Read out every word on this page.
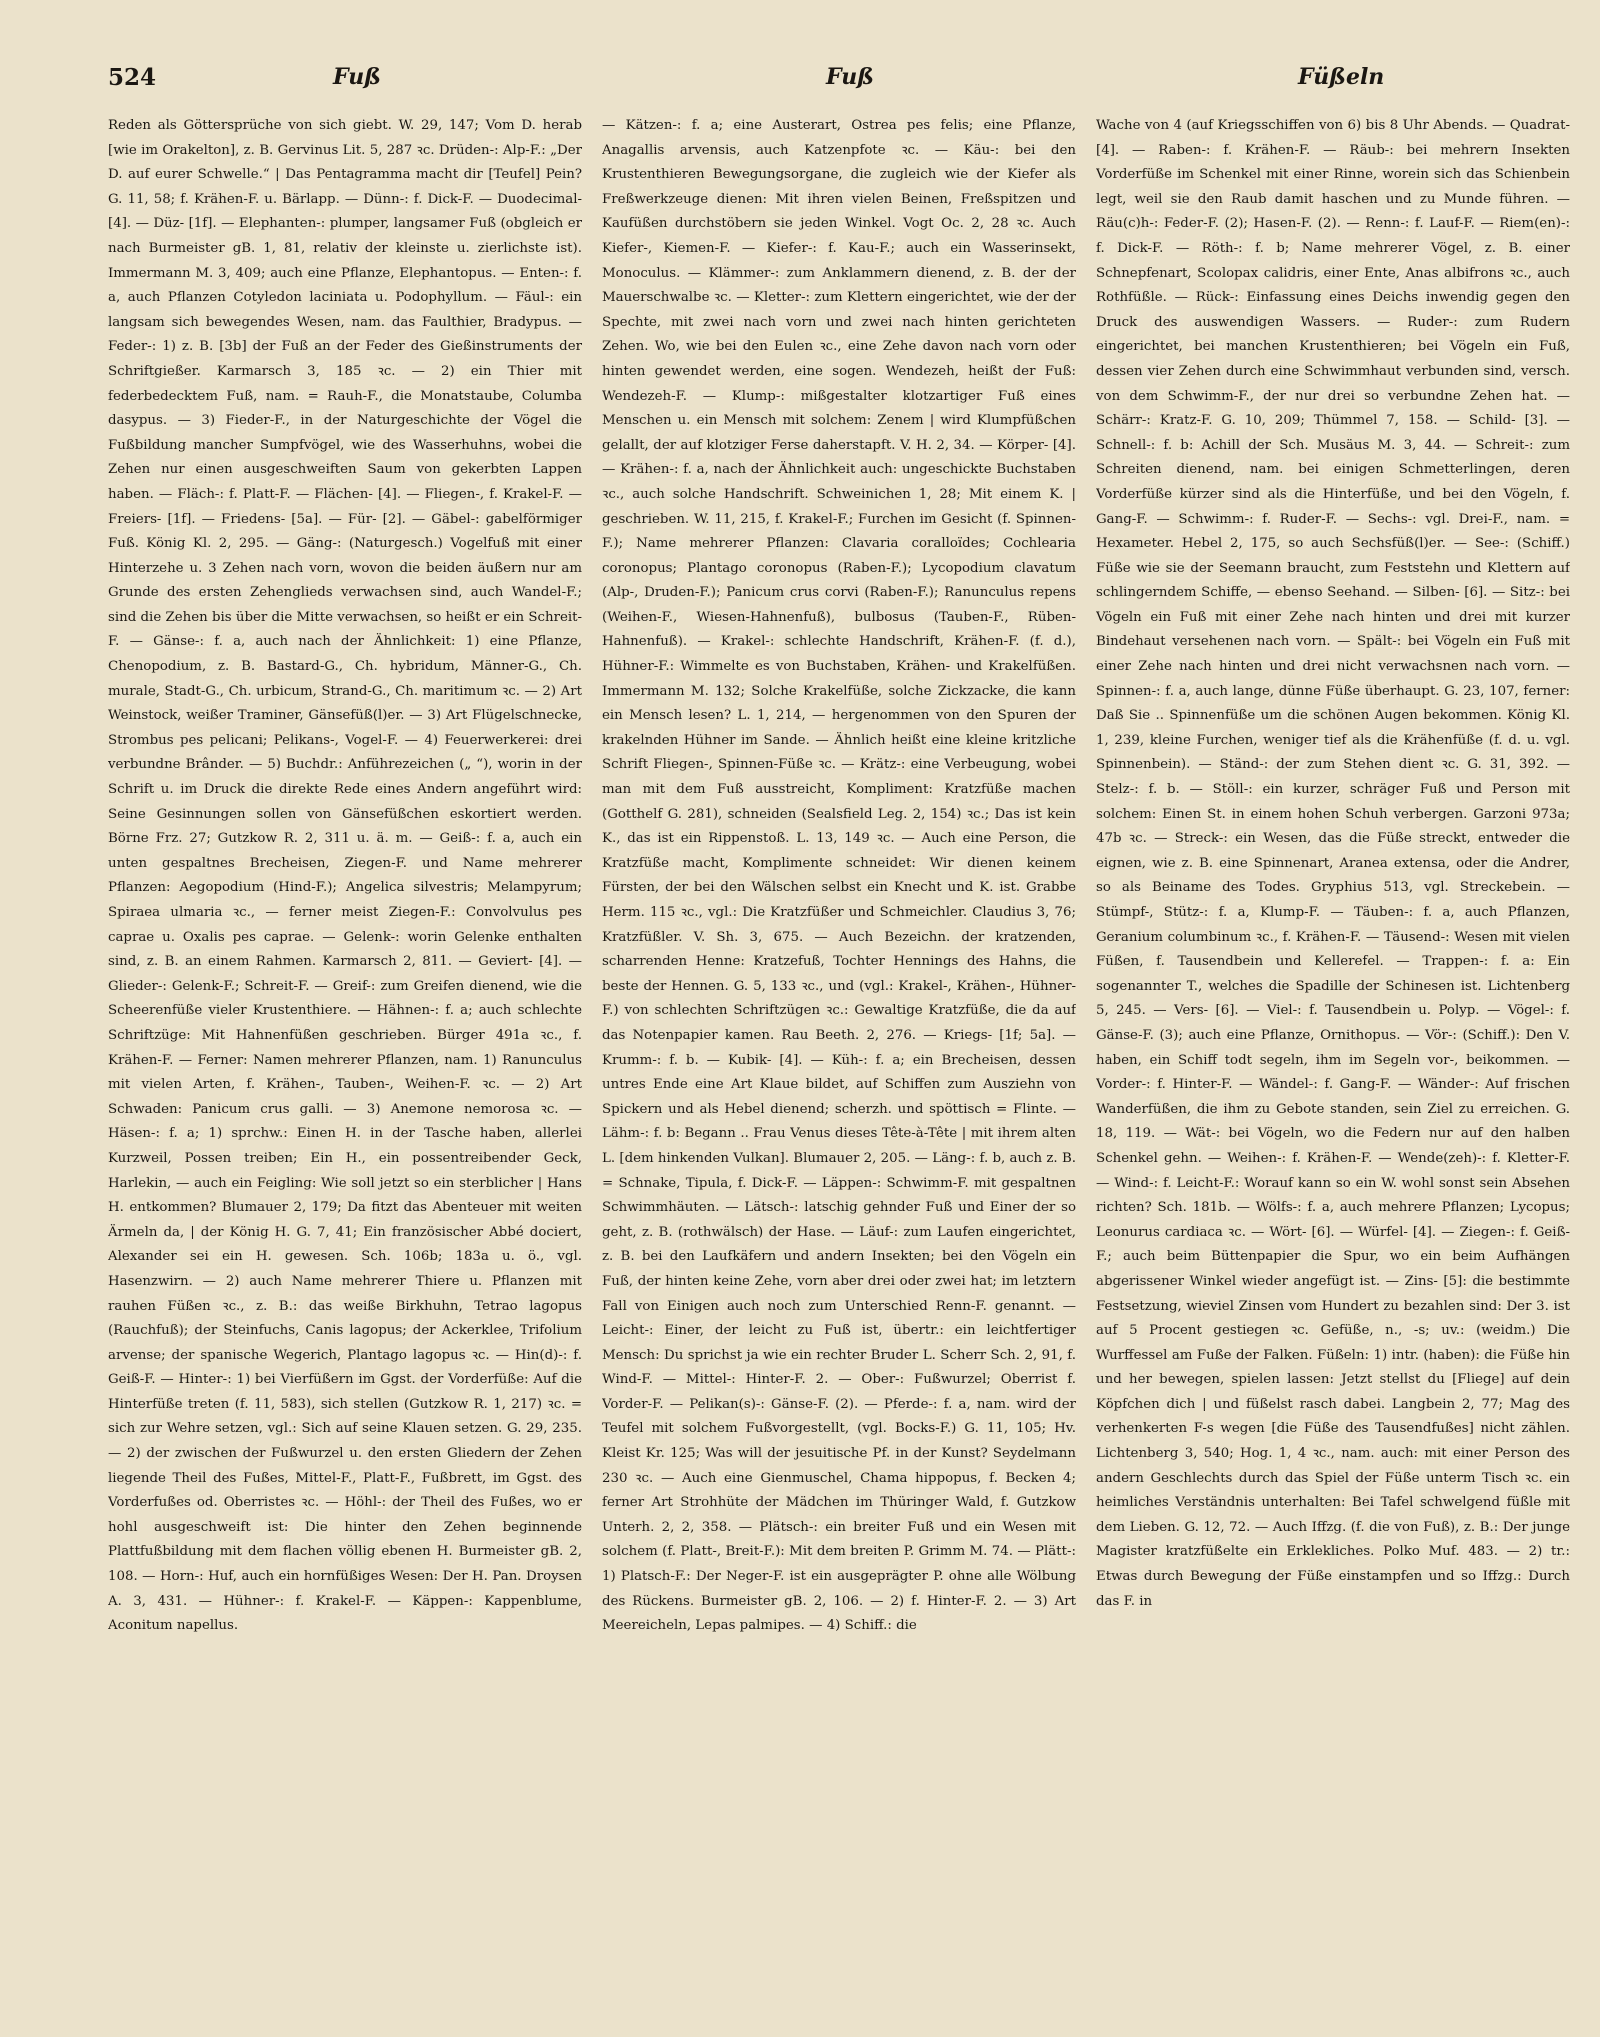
524	Fuß	Fuß	Füßeln

Reden als Göttersprüche von sich giebt. W. 29, 147; Vom D. herab [wie im Orakelton], z. B. Gervinus Lit. 5, 287 ꝛc. Drüden-: Alp-F.: „Der D. auf eurer Schwelle.“ | Das Pentagramma macht dir [Teufel] Pein? G. 11, 58; f. Krähen-F. u. Bärlapp. — Dünn-: f. Dick-F. — Duodecimal- [4]. — Düz- [1f]. — Elephanten-: plumper, langsamer Fuß (obgleich er nach Burmeister gB. 1, 81, relativ der kleinste u. zierlichste ist). Immermann M. 3, 409; auch eine Pflanze, Elephantopus. — Enten-: f. a, auch Pflanzen Cotyledon laciniata u. Podophyllum. — Fäul-: ein langsam sich bewegendes Wesen, nam. das Faulthier, Bradypus. — Feder-: 1) z. B. [3b] der Fuß an der Feder des Gießinstruments der Schriftgießer. Karmarsch 3, 185 ꝛc. — 2) ein Thier mit federbedecktem Fuß, nam. = Rauh-F., die Monatstaube, Columba dasypus. — 3) Fieder-F., in der Naturgeschichte der Vögel die Fußbildung mancher Sumpfvögel, wie des Wasserhuhns, wobei die Zehen nur einen ausgeschweiften Saum von gekerbten Lappen haben. — Fläch-: f. Platt-F. — Flächen- [4]. — Fliegen-, f. Krakel-F. — Freiers- [1f]. — Friedens- [5a]. — Für- [2]. — Gäbel-: gabelförmiger Fuß. König Kl. 2, 295. — Gäng-: (Naturgesch.) Vogelfuß mit einer Hinterzehe u. 3 Zehen nach vorn, wovon die beiden äußern nur am Grunde des ersten Zehenglieds verwachsen sind, auch Wandel-F.; sind die Zehen bis über die Mitte verwachsen, so heißt er ein Schreit-F. — Gänse-: f. a, auch nach der Ähnlichkeit: 1) eine Pflanze, Chenopodium, z. B. Bastard-G., Ch. hybridum, Männer-G., Ch. murale, Stadt-G., Ch. urbicum, Strand-G., Ch. maritimum ꝛc. — 2) Art Weinstock, weißer Traminer, Gänsefüß(l)er. — 3) Art Flügelschnecke, Strombus pes pelicani; Pelikans-, Vogel-F. — 4) Feuerwerkerei: drei verbundne Brânder. — 5) Buchdr.: Anführezeichen („ “), worin in der Schrift u. im Druck die direkte Rede eines Andern angeführt wird: Seine Gesinnungen sollen von Gänsefüßchen eskortiert werden. Börne Frz. 27; Gutzkow R. 2, 311 u. ä. m. — Geiß-: f. a, auch ein unten gespaltnes Brecheisen, Ziegen-F. und Name mehrerer Pflanzen: Aegopodium (Hind-F.); Angelica silvestris; Melampyrum; Spiraea ulmaria ꝛc., — ferner meist Ziegen-F.: Convolvulus pes caprae u. Oxalis pes caprae. — Gelenk-: worin Gelenke enthalten sind, z. B. an einem Rahmen. Karmarsch 2, 811. — Geviert- [4]. — Glieder-: Gelenk-F.; Schreit-F. — Greif-: zum Greifen dienend, wie die Scheerenfüße vieler Krustenthiere. — Hähnen-: f. a; auch schlechte Schriftzüge: Mit Hahnenfüßen geschrieben. Bürger 491a ꝛc., f. Krähen-F. — Ferner: Namen mehrerer Pflanzen, nam. 1) Ranunculus mit vielen Arten, f. Krähen-, Tauben-, Weihen-F. ꝛc. — 2) Art Schwaden: Panicum crus galli. — 3) Anemone nemorosa ꝛc. — Häsen-: f. a; 1) sprchw.: Einen H. in der Tasche haben, allerlei Kurzweil, Possen treiben; Ein H., ein possentreibender Geck, Harlekin, — auch ein Feigling: Wie soll jetzt so ein sterblicher | Hans H. entkommen? Blumauer 2, 179; Da fitzt das Abenteuer mit weiten Ärmeln da, | der König H. G. 7, 41; Ein französischer Abbé dociert, Alexander sei ein H. gewesen. Sch. 106b; 183a u. ö., vgl. Hasenzwirn. — 2) auch Name mehrerer Thiere u. Pflanzen mit rauhen Füßen ꝛc., z. B.: das weiße Birkhuhn, Tetrao lagopus (Rauchfuß); der Steinfuchs, Canis lagopus; der Ackerklee, Trifolium arvense; der spanische Wegerich, Plantago lagopus ꝛc. — Hin(d)-: f. Geiß-F. — Hinter-: 1) bei Vierfüßern im Ggst. der Vorderfüße: Auf die Hinterfüße treten (f. 11, 583), sich stellen (Gutzkow R. 1, 217) ꝛc. = sich zur Wehre setzen, vgl.: Sich auf seine Klauen setzen. G. 29, 235. — 2) der zwischen der Fußwurzel u. den ersten Gliedern der Zehen liegende Theil des Fußes, Mittel-F., Platt-F., Fußbrett, im Ggst. des Vorderfußes od. Oberristes ꝛc. — Höhl-: der Theil des Fußes, wo er hohl ausgeschweift ist: Die hinter den Zehen beginnende Plattfußbildung mit dem flachen völlig ebenen H. Burmeister gB. 2, 108. — Horn-: Huf, auch ein hornfüßiges Wesen: Der H. Pan. Droysen A. 3, 431. — Hühner-: f. Krakel-F. — Käppen-: Kappenblume, Aconitum napellus.

— Kätzen-: f. a; eine Austerart, Ostrea pes felis; eine Pflanze, Anagallis arvensis, auch Katzenpfote ꝛc. — Käu-: bei den Krustenthieren Bewegungsorgane, die zugleich wie der Kiefer als Freßwerkzeuge dienen: Mit ihren vielen Beinen, Freßspitzen und Kaufüßen durchstöbern sie jeden Winkel. Vogt Oc. 2, 28 ꝛc. Auch Kiefer-, Kiemen-F. — Kiefer-: f. Kau-F.; auch ein Wasserinsekt, Monoculus. — Klämmer-: zum Anklammern dienend, z. B. der der Mauerschwalbe ꝛc. — Kletter-: zum Klettern eingerichtet, wie der der Spechte, mit zwei nach vorn und zwei nach hinten gerichteten Zehen. Wo, wie bei den Eulen ꝛc., eine Zehe davon nach vorn oder hinten gewendet werden, eine sogen. Wendezeh, heißt der Fuß: Wendezeh-F. — Klump-: mißgestalter klotzartiger Fuß eines Menschen u. ein Mensch mit solchem: Zenem | wird Klumpfüßchen gelallt, der auf klotziger Ferse daherstapft. V. H. 2, 34. — Körper- [4]. — Krähen-: f. a, nach der Ähnlichkeit auch: ungeschickte Buchstaben ꝛc., auch solche Handschrift. Schweinichen 1, 28; Mit einem K. | geschrieben. W. 11, 215, f. Krakel-F.; Furchen im Gesicht (f. Spinnen-F.); Name mehrerer Pflanzen: Clavaria coralloïdes; Cochlearia coronopus; Plantago coronopus (Raben-F.); Lycopodium clavatum (Alp-, Druden-F.); Panicum crus corvi (Raben-F.); Ranunculus repens (Weihen-F., Wiesen-Hahnenfuß), bulbosus (Tauben-F., Rüben-Hahnenfuß). — Krakel-: schlechte Handschrift, Krähen-F. (f. d.), Hühner-F.: Wimmelte es von Buchstaben, Krähen- und Krakelfüßen. Immermann M. 132; Solche Krakelfüße, solche Zickzacke, die kann ein Mensch lesen? L. 1, 214, — hergenommen von den Spuren der krakelnden Hühner im Sande. — Ähnlich heißt eine kleine kritzliche Schrift Fliegen-, Spinnen-Füße ꝛc. — Krätz-: eine Verbeugung, wobei man mit dem Fuß ausstreicht, Kompliment: Kratzfüße machen (Gotthelf G. 281), schneiden (Sealsfield Leg. 2, 154) ꝛc.; Das ist kein K., das ist ein Rippenstoß. L. 13, 149 ꝛc. — Auch eine Person, die Kratzfüße macht, Komplimente schneidet: Wir dienen keinem Fürsten, der bei den Wälschen selbst ein Knecht und K. ist. Grabbe Herm. 115 ꝛc., vgl.: Die Kratzfüßer und Schmeichler. Claudius 3, 76; Kratzfüßler. V. Sh. 3, 675. — Auch Bezeichn. der kratzenden, scharrenden Henne: Kratzefuß, Tochter Hennings des Hahns, die beste der Hennen. G. 5, 133 ꝛc., und (vgl.: Krakel-, Krähen-, Hühner-F.) von schlechten Schriftzügen ꝛc.: Gewaltige Kratzfüße, die da auf das Notenpapier kamen. Rau Beeth. 2, 276. — Kriegs- [1f; 5a]. — Krumm-: f. b. — Kubik- [4]. — Küh-: f. a; ein Brecheisen, dessen untres Ende eine Art Klaue bildet, auf Schiffen zum Ausziehn von Spickern und als Hebel dienend; scherzh. und spöttisch = Flinte. — Lähm-: f. b: Begann .. Frau Venus dieses Tête-à-Tête | mit ihrem alten L. [dem hinkenden Vulkan]. Blumauer 2, 205. — Läng-: f. b, auch z. B. = Schnake, Tipula, f. Dick-F. — Läppen-: Schwimm-F. mit gespaltnen Schwimmhäuten. — Lätsch-: latschig gehnder Fuß und Einer der so geht, z. B. (rothwälsch) der Hase. — Läuf-: zum Laufen eingerichtet, z. B. bei den Laufkäfern und andern Insekten; bei den Vögeln ein Fuß, der hinten keine Zehe, vorn aber drei oder zwei hat; im letztern Fall von Einigen auch noch zum Unterschied Renn-F. genannt. — Leicht-: Einer, der leicht zu Fuß ist, übertr.: ein leichtfertiger Mensch: Du sprichst ja wie ein rechter Bruder L. Scherr Sch. 2, 91, f. Wind-F. — Mittel-: Hinter-F. 2. — Ober-: Fußwurzel; Oberrist f. Vorder-F. — Pelikan(s)-: Gänse-F. (2). — Pferde-: f. a, nam. wird der Teufel mit solchem Fußvorgestellt, (vgl. Bocks-F.) G. 11, 105; Hv. Kleist Kr. 125; Was will der jesuitische Pf. in der Kunst? Seydelmann 230 ꝛc. — Auch eine Gienmuschel, Chama hippopus, f. Becken 4; ferner Art Strohhüte der Mädchen im Thüringer Wald, f. Gutzkow Unterh. 2, 2, 358. — Plätsch-: ein breiter Fuß und ein Wesen mit solchem (f. Platt-, Breit-F.): Mit dem breiten P. Grimm M. 74. — Plätt-: 1) Platsch-F.: Der Neger-F. ist ein ausgeprägter P. ohne alle Wölbung des Rückens. Burmeister gB. 2, 106. — 2) f. Hinter-F. 2. — 3) Art Meereicheln, Lepas palmipes. — 4) Schiff.: die

Wache von 4 (auf Kriegsschiffen von 6) bis 8 Uhr Abends. — Quadrat- [4]. — Raben-: f. Krähen-F. — Räub-: bei mehrern Insekten Vorderfüße im Schenkel mit einer Rinne, worein sich das Schienbein legt, weil sie den Raub damit haschen und zu Munde führen. — Räu(c)h-: Feder-F. (2); Hasen-F. (2). — Renn-: f. Lauf-F. — Riem(en)-: f. Dick-F. — Röth-: f. b; Name mehrerer Vögel, z. B. einer Schnepfenart, Scolopax calidris, einer Ente, Anas albifrons ꝛc., auch Rothfüßle. — Rück-: Einfassung eines Deichs inwendig gegen den Druck des auswendigen Wassers. — Ruder-: zum Rudern eingerichtet, bei manchen Krustenthieren; bei Vögeln ein Fuß, dessen vier Zehen durch eine Schwimmhaut verbunden sind, versch. von dem Schwimm-F., der nur drei so verbundne Zehen hat. — Schärr-: Kratz-F. G. 10, 209; Thümmel 7, 158. — Schild- [3]. — Schnell-: f. b: Achill der Sch. Musäus M. 3, 44. — Schreit-: zum Schreiten dienend, nam. bei einigen Schmetterlingen, deren Vorderfüße kürzer sind als die Hinterfüße, und bei den Vögeln, f. Gang-F. — Schwimm-: f. Ruder-F. — Sechs-: vgl. Drei-F., nam. = Hexameter. Hebel 2, 175, so auch Sechsfüß(l)er. — See-: (Schiff.) Füße wie sie der Seemann braucht, zum Feststehn und Klettern auf schlingerndem Schiffe, — ebenso Seehand. — Silben- [6]. — Sitz-: bei Vögeln ein Fuß mit einer Zehe nach hinten und drei mit kurzer Bindehaut versehenen nach vorn. — Spält-: bei Vögeln ein Fuß mit einer Zehe nach hinten und drei nicht verwachsnen nach vorn. — Spinnen-: f. a, auch lange, dünne Füße überhaupt. G. 23, 107, ferner: Daß Sie .. Spinnenfüße um die schönen Augen bekommen. König Kl. 1, 239, kleine Furchen, weniger tief als die Krähenfüße (f. d. u. vgl. Spinnenbein). — Ständ-: der zum Stehen dient ꝛc. G. 31, 392. — Stelz-: f. b. — Stöll-: ein kurzer, schräger Fuß und Person mit solchem: Einen St. in einem hohen Schuh verbergen. Garzoni 973a; 47b ꝛc. — Streck-: ein Wesen, das die Füße streckt, entweder die eignen, wie z. B. eine Spinnenart, Aranea extensa, oder die Andrer, so als Beiname des Todes. Gryphius 513, vgl. Streckebein. — Stümpf-, Stütz-: f. a, Klump-F. — Täuben-: f. a, auch Pflanzen, Geranium columbinum ꝛc., f. Krähen-F. — Täusend-: Wesen mit vielen Füßen, f. Tausendbein und Kellerefel. — Trappen-: f. a: Ein sogenannter T., welches die Spadille der Schinesen ist. Lichtenberg 5, 245. — Vers- [6]. — Viel-: f. Tausendbein u. Polyp. — Vögel-: f. Gänse-F. (3); auch eine Pflanze, Ornithopus. — Vör-: (Schiff.): Den V. haben, ein Schiff todt segeln, ihm im Segeln vor-, beikommen. — Vorder-: f. Hinter-F. — Wändel-: f. Gang-F. — Wänder-: Auf frischen Wanderfüßen, die ihm zu Gebote standen, sein Ziel zu erreichen. G. 18, 119. — Wät-: bei Vögeln, wo die Federn nur auf den halben Schenkel gehn. — Weihen-: f. Krähen-F. — Wende(zeh)-: f. Kletter-F. — Wind-: f. Leicht-F.: Worauf kann so ein W. wohl sonst sein Absehen richten? Sch. 181b. — Wölfs-: f. a, auch mehrere Pflanzen; Lycopus; Leonurus cardiaca ꝛc. — Wört- [6]. — Würfel- [4]. — Ziegen-: f. Geiß-F.; auch beim Büttenpapier die Spur, wo ein beim Aufhängen abgerissener Winkel wieder angefügt ist. — Zins- [5]: die bestimmte Festsetzung, wieviel Zinsen vom Hundert zu bezahlen sind: Der 3. ist auf 5 Procent gestiegen ꝛc. Gefüße, n., -s; uv.: (weidm.) Die Wurffessel am Fuße der Falken. Füßeln: 1) intr. (haben): die Füße hin und her bewegen, spielen lassen: Jetzt stellst du [Fliege] auf dein Köpfchen dich | und füßelst rasch dabei. Langbein 2, 77; Mag des verhenkerten F-s wegen [die Füße des Tausendfußes] nicht zählen. Lichtenberg 3, 540; Hog. 1, 4 ꝛc., nam. auch: mit einer Person des andern Geschlechts durch das Spiel der Füße unterm Tisch ꝛc. ein heimliches Verständnis unterhalten: Bei Tafel schwelgend füßle mit dem Lieben. G. 12, 72. — Auch Iffzg. (f. die von Fuß), z. B.: Der junge Magister kratzfüßelte ein Erklekliches. Polko Muf. 483. — 2) tr.: Etwas durch Bewegung der Füße einstampfen und so Iffzg.: Durch das F. in
